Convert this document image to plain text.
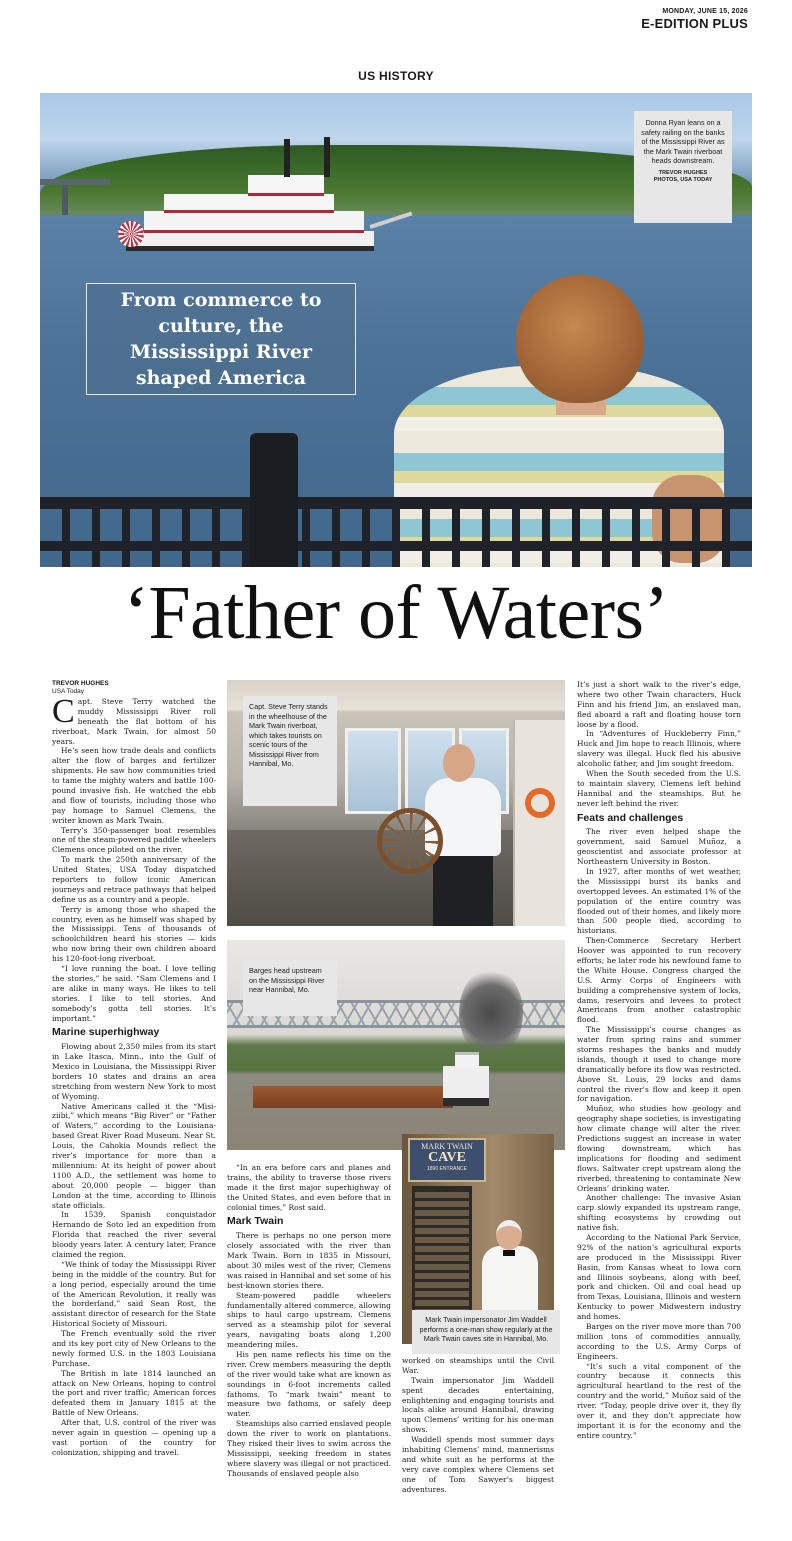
MONDAY, JUNE 15, 2026
E-EDITION PLUS
US HISTORY
From commerce to culture, the Mississippi River shaped America
Donna Ryan leans on a safety railing on the banks of the Mississippi River as the Mark Twain riverboat heads downstream.
TREVOR HUGHES
PHOTOS, USA TODAY
‘Father of Waters’
TREVOR HUGHES
USA Today

Capt. Steve Terry watched the muddy Mississippi River roll beneath the flat bottom of his riverboat, Mark Twain, for almost 50 years.

He’s seen how trade deals and conflicts alter the flow of barges and fertilizer shipments. He saw how communities tried to tame the mighty waters and battle 100-pound invasive fish. He watched the ebb and flow of tourists, including those who pay homage to Samuel Clemens, the writer known as Mark Twain.

Terry’s 350-passenger boat resembles one of the steam-powered paddle wheelers Clemens once piloted on the river.

To mark the 250th anniversary of the United States, USA Today dispatched reporters to follow iconic American journeys and retrace pathways that helped define us as a country and a people.

Terry is among those who shaped the country, even as he himself was shaped by the Mississippi. Tens of thousands of schoolchildren heard his stories — kids who now bring their own children aboard his 120-foot-long riverboat.

“I love running the boat. I love telling the stories,” he said. “Sam Clemens and I are alike in many ways. He likes to tell stories. I like to tell stories. And somebody’s gotta tell stories. It’s important.”

Marine superhighway

Flowing about 2,350 miles from its start in Lake Itasca, Minn., into the Gulf of Mexico in Louisiana, the Mississippi River borders 10 states and drains an area stretching from western New York to most of Wyoming.

Native Americans called it the “Misi-ziibi,” which means “Big River” or “Father of Waters,” according to the Louisiana-based Great River Road Museum. Near St. Louis, the Cahokia Mounds reflect the river’s importance for more than a millennium: At its height of power about 1100 A.D., the settlement was home to about 20,000 people — bigger than London at the time, according to Illinois state officials.

In 1539, Spanish conquistador Hernando de Soto led an expedition from Florida that reached the river several bloody years later. A century later, France claimed the region.

“We think of today the Mississippi River being in the middle of the country. But for a long period, especially around the time of the American Revolution, it really was the borderland,” said Sean Rost, the assistant director of research for the State Historical Society of Missouri.

The French eventually sold the river and its key port city of New Orleans to the newly formed U.S. in the 1803 Louisiana Purchase.

The British in late 1814 launched an attack on New Orleans, hoping to control the port and river traffic; American forces defeated them in January 1815 at the Battle of New Orleans.

After that, U.S. control of the river was never again in question — opening up a vast portion of the country for colonization, shipping and travel.

Capt. Steve Terry stands in the wheelhouse of the Mark Twain riverboat, which takes tourists on scenic tours of the Mississippi River from Hannibal, Mo.
Barges head upstream on the Mississippi River near Hannibal, Mo.

“In an era before cars and planes and trains, the ability to traverse those rivers made it the first major superhighway of the United States, and even before that in colonial times,” Rost said.

Mark Twain

There is perhaps no one person more closely associated with the river than Mark Twain. Born in 1835 in Missouri, about 30 miles west of the river, Clemens was raised in Hannibal and set some of his best-known stories there.

Steam-powered paddle wheelers fundamentally altered commerce, allowing ships to haul cargo upstream. Clemens served as a steamship pilot for several years, navigating boats along 1,200 meandering miles.

His pen name reflects his time on the river. Crew members measuring the depth of the river would take what are known as soundings in 6-foot increments called fathoms. To “mark twain” meant to measure two fathoms, or safely deep water.

Steamships also carried enslaved people down the river to work on plantations. They risked their lives to swim across the Mississippi, seeking freedom in states where slavery was illegal or not practiced. Thousands of enslaved people also

MARK TWAIN
CAVE
1890 ENTRANCE
Mark Twain impersonator Jim Waddell performs a one-man show regularly at the Mark Twain caves site in Hannibal, Mo.

worked on steamships until the Civil War.

Twain impersonator Jim Waddell spent decades entertaining, enlightening and engaging tourists and locals alike around Hannibal, drawing upon Clemens’ writing for his one-man shows.

Waddell spends most summer days inhabiting Clemens’ mind, mannerisms and white suit as he performs at the very cave complex where Clemens set one of Tom Sawyer’s biggest adventures.

It’s just a short walk to the river’s edge, where two other Twain characters, Huck Finn and his friend Jim, an enslaved man, fled aboard a raft and floating house torn loose by a flood.

In “Adventures of Huckleberry Finn,” Huck and Jim hope to reach Illinois, where slavery was illegal. Huck fled his abusive alcoholic father, and Jim sought freedom.

When the South seceded from the U.S. to maintain slavery, Clemens left behind Hannibal and the steamships. But he never left behind the river.

Feats and challenges

The river even helped shape the government, said Samuel Muñoz, a geoscientist and associate professor at Northeastern University in Boston.

In 1927, after months of wet weather, the Mississippi burst its banks and overtopped levees. An estimated 1% of the population of the entire country was flooded out of their homes, and likely more than 500 people died, according to historians.

Then-Commerce Secretary Herbert Hoover was appointed to run recovery efforts; he later rode his newfound fame to the White House. Congress charged the U.S. Army Corps of Engineers with building a comprehensive system of locks, dams, reservoirs and levees to protect Americans from another catastrophic flood.

The Mississippi’s course changes as water from spring rains and summer storms reshapes the banks and muddy islands, though it used to change more dramatically before its flow was restricted. Above St. Louis, 29 locks and dams control the river’s flow and keep it open for navigation.

Muñoz, who studies how geology and geography shape societies, is investigating how climate change will alter the river. Predictions suggest an increase in water flowing downstream, which has implications for flooding and sediment flows. Saltwater crept upstream along the riverbed, threatening to contaminate New Orleans’ drinking water.

Another challenge: The invasive Asian carp slowly expanded its upstream range, shifting ecosystems by crowding out native fish.

According to the National Park Service, 92% of the nation’s agricultural exports are produced in the Mississippi River Basin, from Kansas wheat to Iowa corn and Illinois soybeans, along with beef, pork and chicken. Oil and coal head up from Texas, Louisiana, Illinois and western Kentucky to power Midwestern industry and homes.

Barges on the river move more than 700 million tons of commodities annually, according to the U.S. Army Corps of Engineers.

“It’s such a vital component of the country because it connects this agricultural heartland to the rest of the country and the world,” Muñoz said of the river. “Today, people drive over it, they fly over it, and they don’t appreciate how important it is for the economy and the entire country.”
